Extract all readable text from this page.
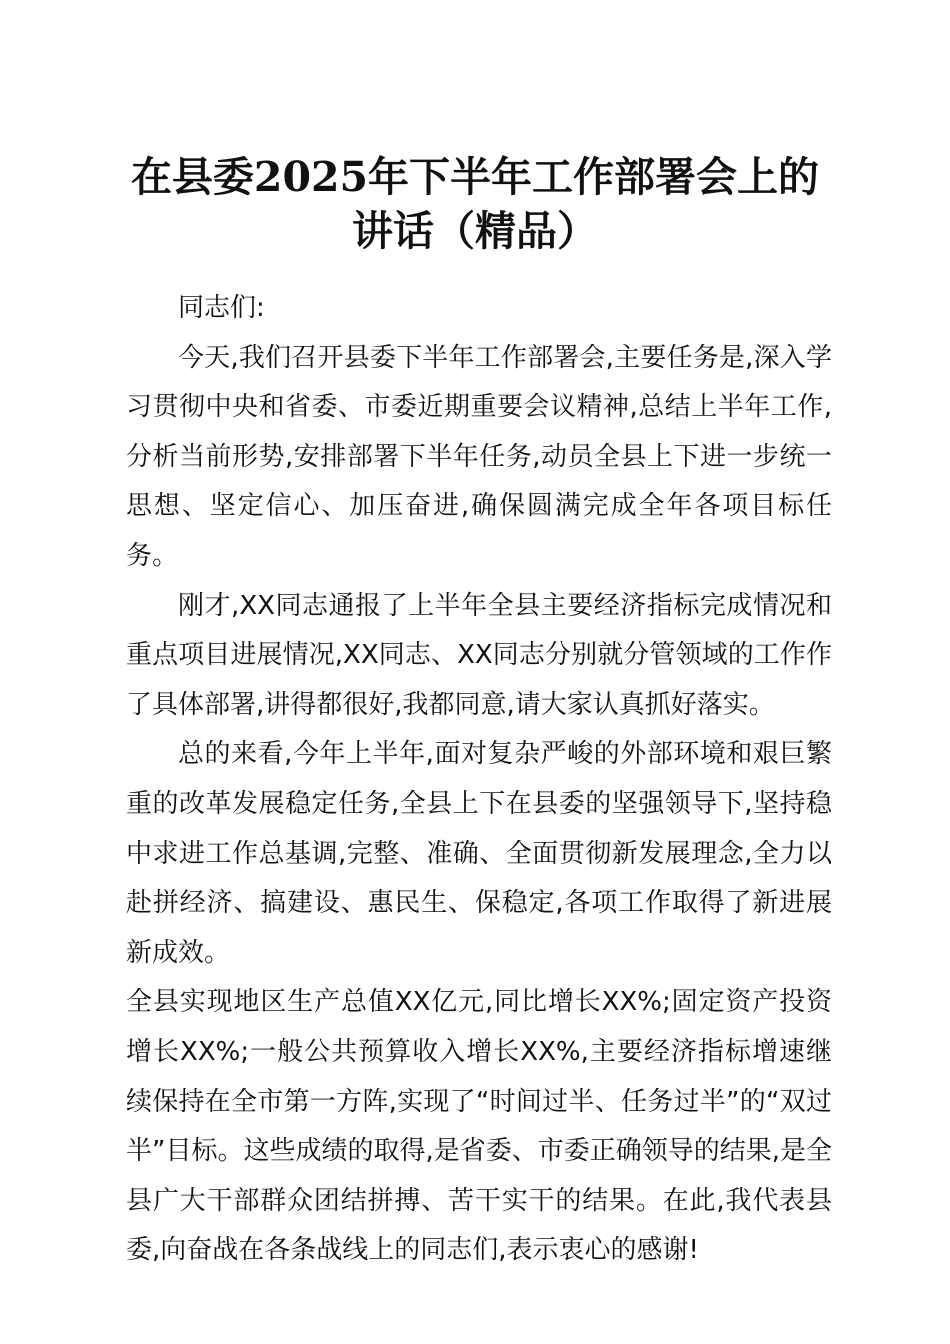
在县委2025年下半年工作部署会上的
讲话（精品）

同志们:

今天,我们召开县委下半年工作部署会,主要任务是,深入学习贯彻中央和省委、市委近期重要会议精神,总结上半年工作,分析当前形势,安排部署下半年任务,动员全县上下进一步统一思想、坚定信心、加压奋进,确保圆满完成全年各项目标任务。

刚才,XX同志通报了上半年全县主要经济指标完成情况和重点项目进展情况,XX同志、XX同志分别就分管领域的工作作了具体部署,讲得都很好,我都同意,请大家认真抓好落实。

总的来看,今年上半年,面对复杂严峻的外部环境和艰巨繁重的改革发展稳定任务,全县上下在县委的坚强领导下,坚持稳中求进工作总基调,完整、准确、全面贯彻新发展理念,全力以赴拼经济、搞建设、惠民生、保稳定,各项工作取得了新进展新成效。

全县实现地区生产总值XX亿元,同比增长XX%;固定资产投资增长XX%;一般公共预算收入增长XX%,主要经济指标增速继续保持在全市第一方阵,实现了“时间过半、任务过半”的“双过半”目标。这些成绩的取得,是省委、市委正确领导的结果,是全县广大干部群众团结拼搏、苦干实干的结果。在此,我代表县委,向奋战在各条战线上的同志们,表示衷心的感谢!
